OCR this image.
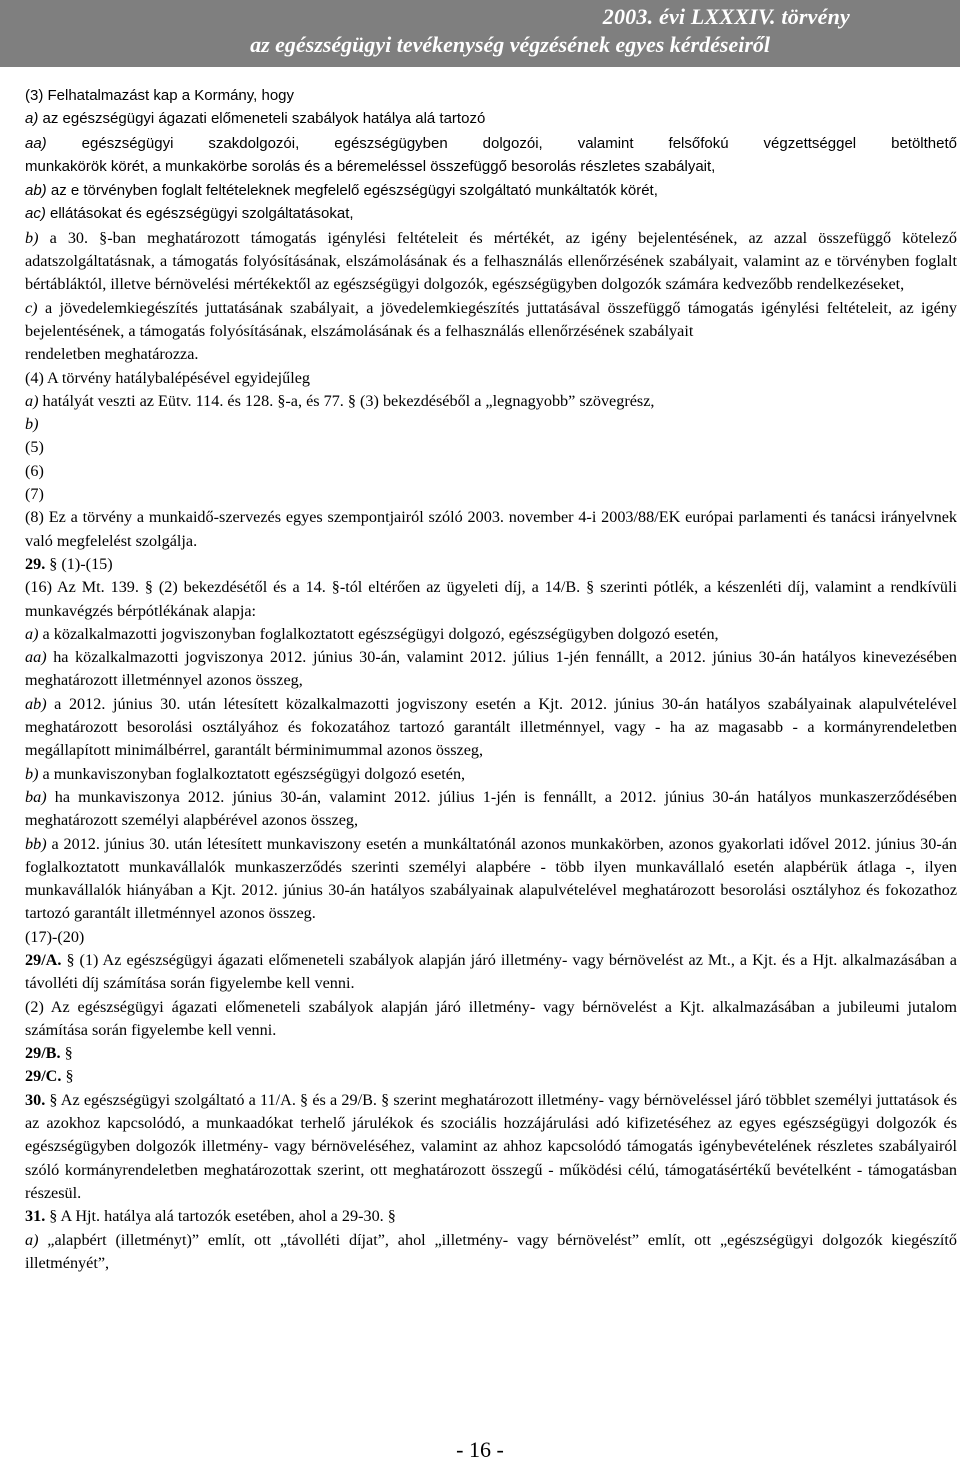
2003. évi LXXXIV. törvény
az egészségügyi tevékenység végzésének egyes kérdéseiről

(3) Felhatalmazást kap a Kormány, hogy

a) az egészségügyi ágazati előmeneteli szabályok hatálya alá tartozó

aa) egészségügyi szakdolgozói, egészségügyben dolgozói, valamint felsőfokú végzettséggel betölthető

munkakörök körét, a munkakörbe sorolás és a béremeléssel összefüggő besorolás részletes szabályait,

ab) az e törvényben foglalt feltételeknek megfelelő egészségügyi szolgáltató munkáltatók körét,

ac) ellátásokat és egészségügyi szolgáltatásokat,

b) a 30. §-ban meghatározott támogatás igénylési feltételeit és mértékét, az igény bejelentésének, az azzal összefüggő kötelező adatszolgáltatásnak, a támogatás folyósításának, elszámolásának és a felhasználás ellenőrzésének szabályait, valamint az e törvényben foglalt bértábláktól, illetve bérnövelési mértékektől az egészségügyi dolgozók, egészségügyben dolgozók számára kedvezőbb rendelkezéseket,

c) a jövedelemkiegészítés juttatásának szabályait, a jövedelemkiegészítés juttatásával összefüggő támogatás igénylési feltételeit, az igény bejelentésének, a támogatás folyósításának, elszámolásának és a felhasználás ellenőrzésének szabályait

rendeletben meghatározza.

(4) A törvény hatálybalépésével egyidejűleg

a) hatályát veszti az Eütv. 114. és 128. §-a, és 77. § (3) bekezdéséből a „legnagyobb” szövegrész,

b)

(5)

(6)

(7)

(8) Ez a törvény a munkaidő-szervezés egyes szempontjairól szóló 2003. november 4-i 2003/88/EK európai parlamenti és tanácsi irányelvnek való megfelelést szolgálja.

29. § (1)-(15)

(16) Az Mt. 139. § (2) bekezdésétől és a 14. §-tól eltérően az ügyeleti díj, a 14/B. § szerinti pótlék, a készenléti díj, valamint a rendkívüli munkavégzés bérpótlékának alapja:

a) a közalkalmazotti jogviszonyban foglalkoztatott egészségügyi dolgozó, egészségügyben dolgozó esetén,

aa) ha közalkalmazotti jogviszonya 2012. június 30-án, valamint 2012. július 1-jén fennállt, a 2012. június 30-án hatályos kinevezésében meghatározott illetménnyel azonos összeg,

ab) a 2012. június 30. után létesített közalkalmazotti jogviszony esetén a Kjt. 2012. június 30-án hatályos szabályainak alapulvételével meghatározott besorolási osztályához és fokozatához tartozó garantált illetménnyel, vagy - ha az magasabb - a kormányrendeletben megállapított minimálbérrel, garantált bérminimummal azonos összeg,

b) a munkaviszonyban foglalkoztatott egészségügyi dolgozó esetén,

ba) ha munkaviszonya 2012. június 30-án, valamint 2012. július 1-jén is fennállt, a 2012. június 30-án hatályos munkaszerződésében meghatározott személyi alapbérével azonos összeg,

bb) a 2012. június 30. után létesített munkaviszony esetén a munkáltatónál azonos munkakörben, azonos gyakorlati idővel 2012. június 30-án foglalkoztatott munkavállalók munkaszerződés szerinti személyi alapbére - több ilyen munkavállaló esetén alapbérük átlaga -, ilyen munkavállalók hiányában a Kjt. 2012. június 30-án hatályos szabályainak alapulvételével meghatározott besorolási osztályhoz és fokozathoz tartozó garantált illetménnyel azonos összeg.

(17)-(20)

29/A. § (1) Az egészségügyi ágazati előmeneteli szabályok alapján járó illetmény- vagy bérnövelést az Mt., a Kjt. és a Hjt. alkalmazásában a távolléti díj számítása során figyelembe kell venni.

(2) Az egészségügyi ágazati előmeneteli szabályok alapján járó illetmény- vagy bérnövelést a Kjt. alkalmazásában a jubileumi jutalom számítása során figyelembe kell venni.

29/B. §

29/C. §

30. § Az egészségügyi szolgáltató a 11/A. § és a 29/B. § szerint meghatározott illetmény- vagy bérnöveléssel járó többlet személyi juttatások és az azokhoz kapcsolódó, a munkaadókat terhelő járulékok és szociális hozzájárulási adó kifizetéséhez az egyes egészségügyi dolgozók és egészségügyben dolgozók illetmény- vagy bérnöveléséhez, valamint az ahhoz kapcsolódó támogatás igénybevételének részletes szabályairól szóló kormányrendeletben meghatározottak szerint, ott meghatározott összegű - működési célú, támogatásértékű bevételként - támogatásban részesül.

31. § A Hjt. hatálya alá tartozók esetében, ahol a 29-30. §

a) „alapbért (illetményt)” említ, ott „távolléti díjat”, ahol „illetmény- vagy bérnövelést” említ, ott „egészségügyi dolgozók kiegészítő illetményét”,

- 16 -
